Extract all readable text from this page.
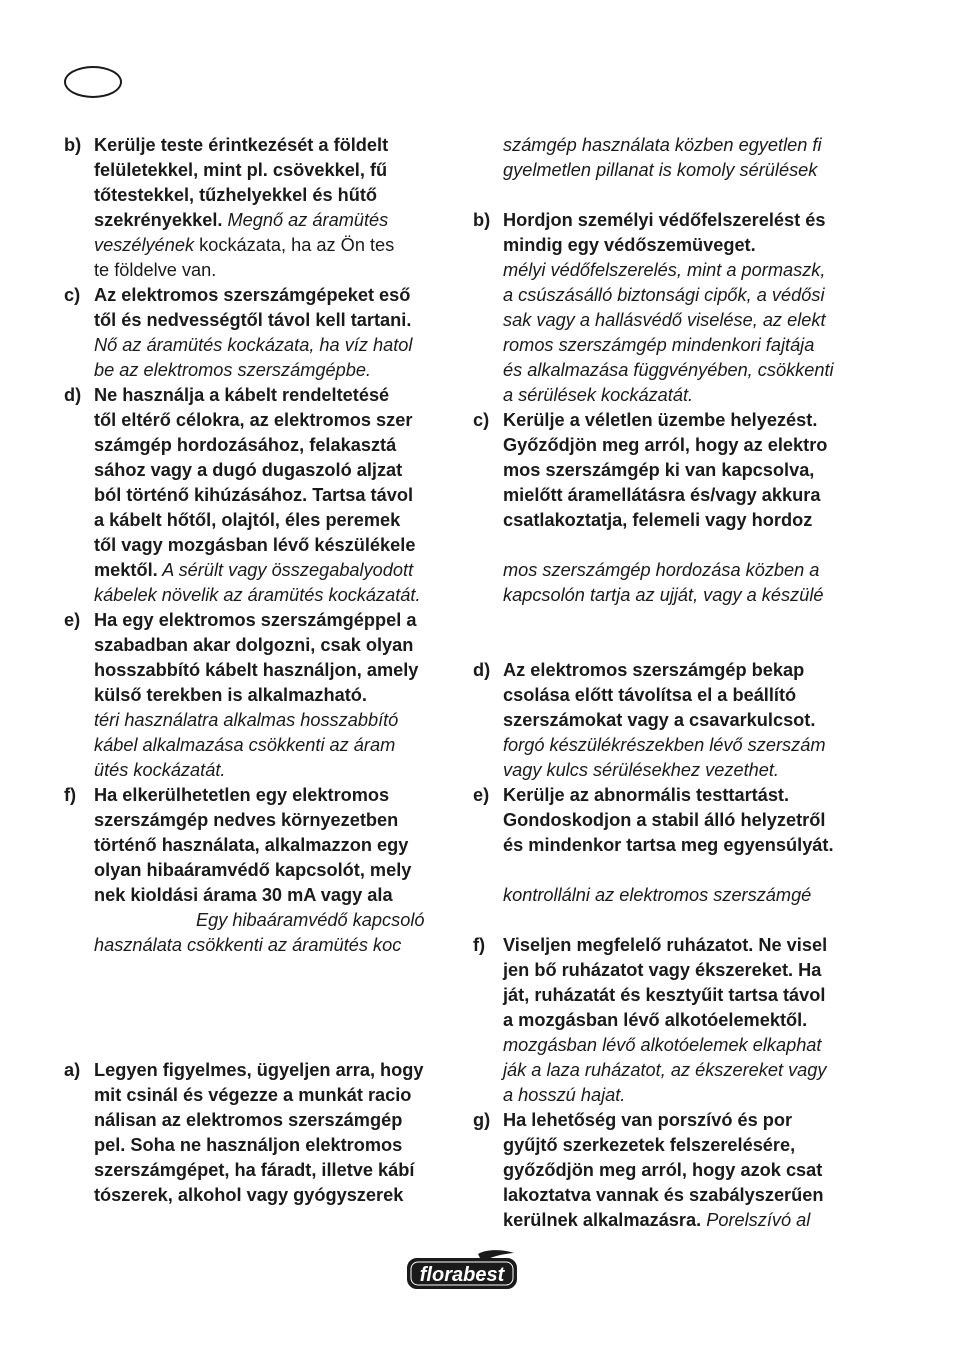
b) Kerülje teste érintkezését a földelt
felületekkel, mint pl. csövekkel, fű
tőtestekkel, tűzhelyekkel és hűtő
szekrényekkel. Megnő az áramütés
veszélyének kockázata, ha az Ön tes
te földelve van.
c) Az elektromos szerszámgépeket eső
től és nedvességtől távol kell tartani.
Nő az áramütés kockázata, ha víz hatol
be az elektromos szerszámgépbe.
d) Ne használja a kábelt rendeltetésé
től eltérő célokra, az elektromos szer
számgép hordozásához, felakasztá
sához vagy a dugó dugaszoló aljzat
ból történő kihúzásához. Tartsa távol
a kábelt hőtől, olajtól, éles peremek
től vagy mozgásban lévő készülékele
mektől. A sérült vagy összegabalyodott
kábelek növelik az áramütés kockázatát.
e) Ha egy elektromos szerszámgéppel a
szabadban akar dolgozni, csak olyan
hosszabbító kábelt használjon, amely
külső terekben is alkalmazható.
téri használatra alkalmas hosszabbító
kábel alkalmazása csökkenti az áram
ütés kockázatát.
f) Ha elkerülhetetlen egy elektromos
szerszámgép nedves környezetben
történő használata, alkalmazzon egy
olyan hibaáramvédő kapcsolót, mely
nek kioldási árama 30 mA vagy ala
Egy hibaáramvédő kapcsoló
használata csökkenti az áramütés koc
a) Legyen figyelmes, ügyeljen arra, hogy
mit csinál és végezze a munkát racio
nálisan az elektromos szerszámgép
pel. Soha ne használjon elektromos
szerszámgépet, ha fáradt, illetve kábí
tószerek, alkohol vagy gyógyszerek
számgép használata közben egyetlen fi
gyelmetlen pillanat is komoly sérülések
b) Hordjon személyi védőfelszerelést és
mindig egy védőszemüveget.
mélyi védőfelszerelés, mint a pormaszk,
a csúszásálló biztonsági cipők, a védősi
sak vagy a hallásvédő viselése, az elekt
romos szerszámgép mindenkori fajtája
és alkalmazása függvényében, csökkenti
a sérülések kockázatát.
c) Kerülje a véletlen üzembe helyezést.
Győződjön meg arról, hogy az elektro
mos szerszámgép ki van kapcsolva,
mielőtt áramellátásra és/vagy akkura
csatlakoztatja, felemeli vagy hordoz
mos szerszámgép hordozása közben a
kapcsolón tartja az ujját, vagy a készülé
d) Az elektromos szerszámgép bekap
csolása előtt távolítsa el a beállító
szerszámokat vagy a csavarkulcsot.
forgó készülékrészekben lévő szerszám
vagy kulcs sérülésekhez vezethet.
e) Kerülje az abnormális testtartást.
Gondoskodjon a stabil álló helyzetről
és mindenkor tartsa meg egyensúlyát.
kontrollálni az elektromos szerszámgé
f) Viseljen megfelelő ruházatot. Ne visel
jen bő ruházatot vagy ékszereket. Ha
ját, ruházatát és kesztyűit tartsa távol
a mozgásban lévő alkotóelemektől.
mozgásban lévő alkotóelemek elkaphat
ják a laza ruházatot, az ékszereket vagy
a hosszú hajat.
g) Ha lehetőség van porszívó és por
gyűjtő szerkezetek felszerelésére,
győződjön meg arról, hogy azok csat
lakoztatva vannak és szabályszerűen
kerülnek alkalmazásra. Porelszívó al
florabest
